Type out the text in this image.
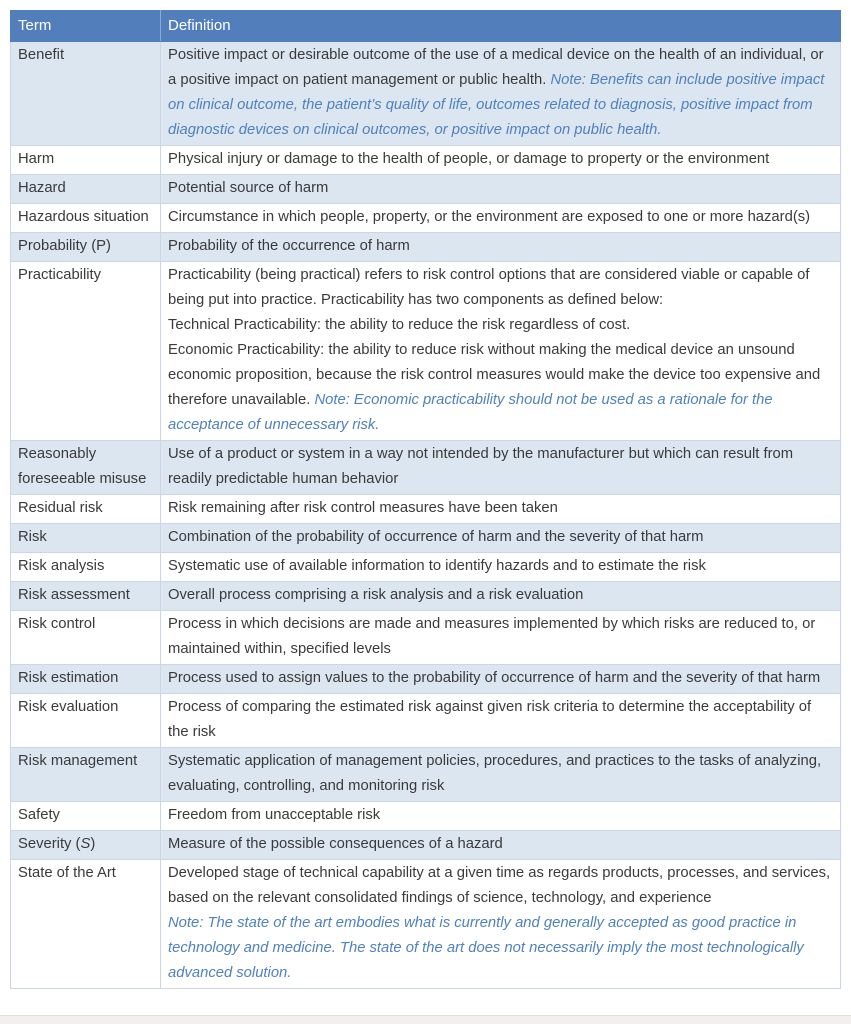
Term	Definition
Benefit	Positive impact or desirable outcome of the use of a medical device on the health of an individual, or a positive impact on patient management or public health. Note: Benefits can include positive impact on clinical outcome, the patient’s quality of life, outcomes related to diagnosis, positive impact from diagnostic devices on clinical outcomes, or positive impact on public health.
Harm	Physical injury or damage to the health of people, or damage to property or the environment
Hazard	Potential source of harm
Hazardous situation	Circumstance in which people, property, or the environment are exposed to one or more hazard(s)
Probability (P)	Probability of the occurrence of harm
Practicability	Practicability (being practical) refers to risk control options that are considered viable or capable of being put into practice. Practicability has two components as defined below:
Technical Practicability: the ability to reduce the risk regardless of cost.
Economic Practicability: the ability to reduce risk without making the medical device an unsound economic proposition, because the risk control measures would make the device too expensive and therefore unavailable. Note: Economic practicability should not be used as a rationale for the acceptance of unnecessary risk.
Reasonably foreseeable misuse	Use of a product or system in a way not intended by the manufacturer but which can result from readily predictable human behavior
Residual risk	Risk remaining after risk control measures have been taken
Risk	Combination of the probability of occurrence of harm and the severity of that harm
Risk analysis	Systematic use of available information to identify hazards and to estimate the risk
Risk assessment	Overall process comprising a risk analysis and a risk evaluation
Risk control	Process in which decisions are made and measures implemented by which risks are reduced to, or maintained within, specified levels
Risk estimation	Process used to assign values to the probability of occurrence of harm and the severity of that harm
Risk evaluation	Process of comparing the estimated risk against given risk criteria to determine the acceptability of the risk
Risk management	Systematic application of management policies, procedures, and practices to the tasks of analyzing, evaluating, controlling, and monitoring risk
Safety	Freedom from unacceptable risk
Severity (S)	Measure of the possible consequences of a hazard
State of the Art	Developed stage of technical capability at a given time as regards products, processes, and services, based on the relevant consolidated findings of science, technology, and experience
Note: The state of the art embodies what is currently and generally accepted as good practice in technology and medicine. The state of the art does not necessarily imply the most technologically advanced solution.
